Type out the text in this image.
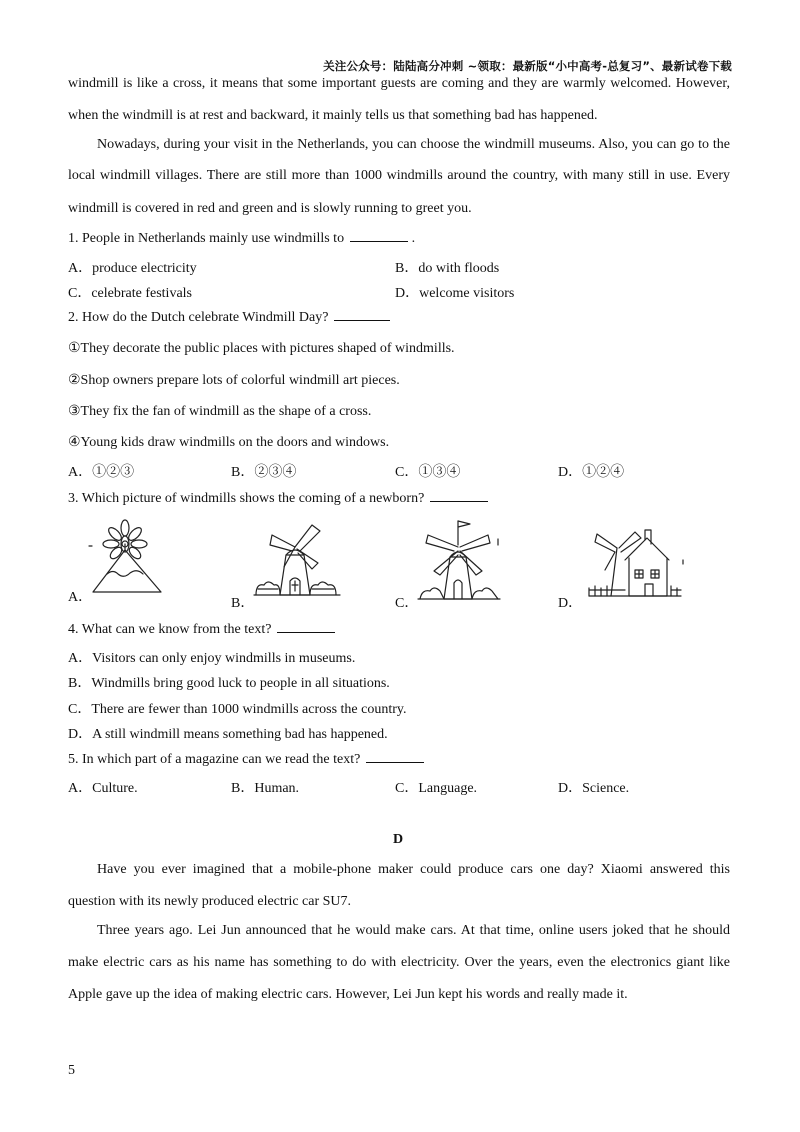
关注公众号：陆陆高分冲刺 ~领取：最新版“小中高考-总复习”、最新试卷下载
windmill is like a cross, it means that some important guests are coming and they are warmly welcomed. However,
when the windmill is at rest and backward, it mainly tells us that something bad has happened.
Nowadays, during your visit in the Netherlands, you can choose the windmill museums. Also, you can go to the
local windmill villages. There are still more than 1000 windmills around the country, with many still in use. Every
windmill is covered in red and green and is slowly running to greet you.
1. People in Netherlands mainly use windmills to	.
A．produce electricity	B．do with floods
C．celebrate festivals	D．welcome visitors
2. How do the Dutch celebrate Windmill Day?
①They decorate the public places with pictures shaped of windmills.
②Shop owners prepare lots of colorful windmill art pieces.
③They fix the fan of windmill as the shape of a cross.
④Young kids draw windmills on the doors and windows.
A．①②③	B．②③④	C．①③④	D．①②④
3. Which picture of windmills shows the coming of a newborn?
A．	B．	C．	D．
4. What can we know from the text?
A．Visitors can only enjoy windmills in museums.
B．Windmills bring good luck to people in all situations.
C．There are fewer than 1000 windmills across the country.
D．A still windmill means something bad has happened.
5. In which part of a magazine can we read the text?
A．Culture.	B．Human.	C．Language.	D．Science.
D
Have you ever imagined that a mobile-phone maker could produce cars one day? Xiaomi answered this
question with its newly produced electric car SU7.
Three years ago. Lei Jun announced that he would make cars. At that time, online users joked that he should
make electric cars as his name has something to do with electricity. Over the years, even the electronics giant like
Apple gave up the idea of making electric cars. However, Lei Jun kept his words and really made it.
5
